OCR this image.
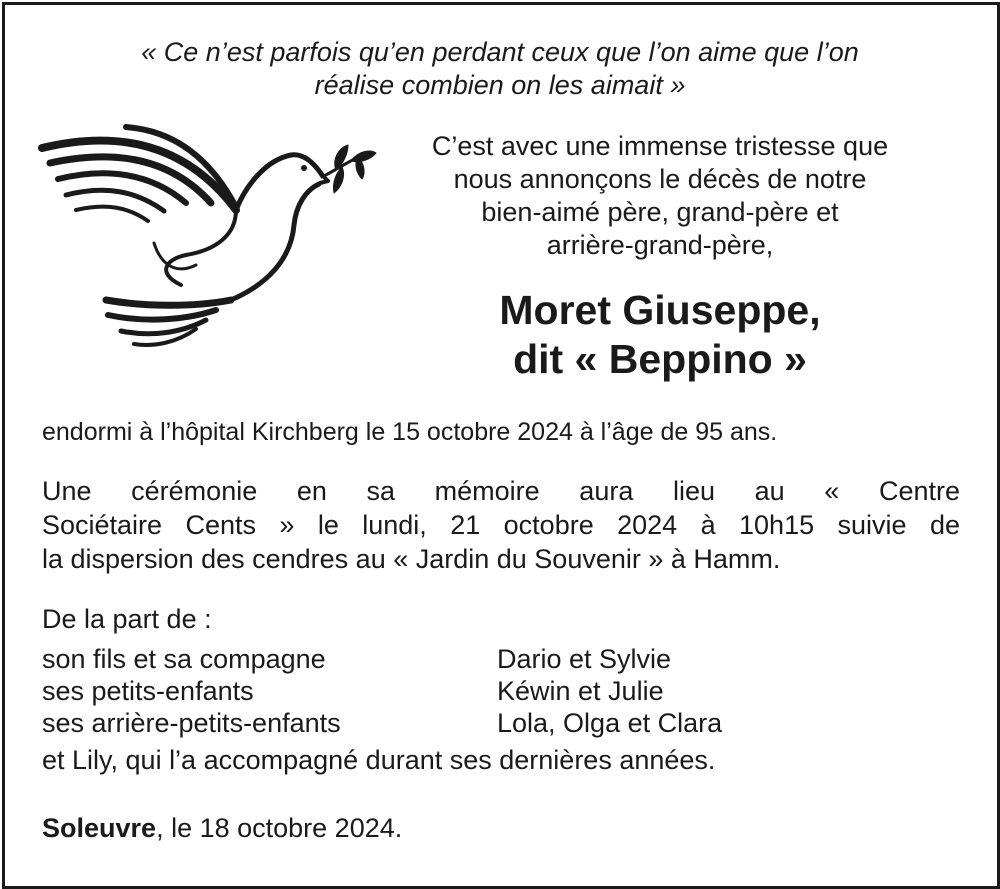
« Ce n’est parfois qu’en perdant ceux que l’on aime que l’on
réalise combien on les aimait »
C’est avec une immense tristesse que
nous annonçons le décès de notre
bien-aimé père, grand-père et
arrière-grand-père,
Moret Giuseppe,
dit « Beppino »
endormi à l’hôpital Kirchberg le 15 octobre 2024 à l’âge de 95 ans.
Une cérémonie en sa mémoire aura lieu au « Centre
Sociétaire Cents » le lundi, 21 octobre 2024 à 10h15 suivie de
la dispersion des cendres au « Jardin du Souvenir » à Hamm.
De la part de :
son fils et sa compagne	Dario et Sylvie
ses petits-enfants	Kéwin et Julie
ses arrière-petits-enfants	Lola, Olga et Clara
et Lily, qui l’a accompagné durant ses dernières années.
Soleuvre, le 18 octobre 2024.
